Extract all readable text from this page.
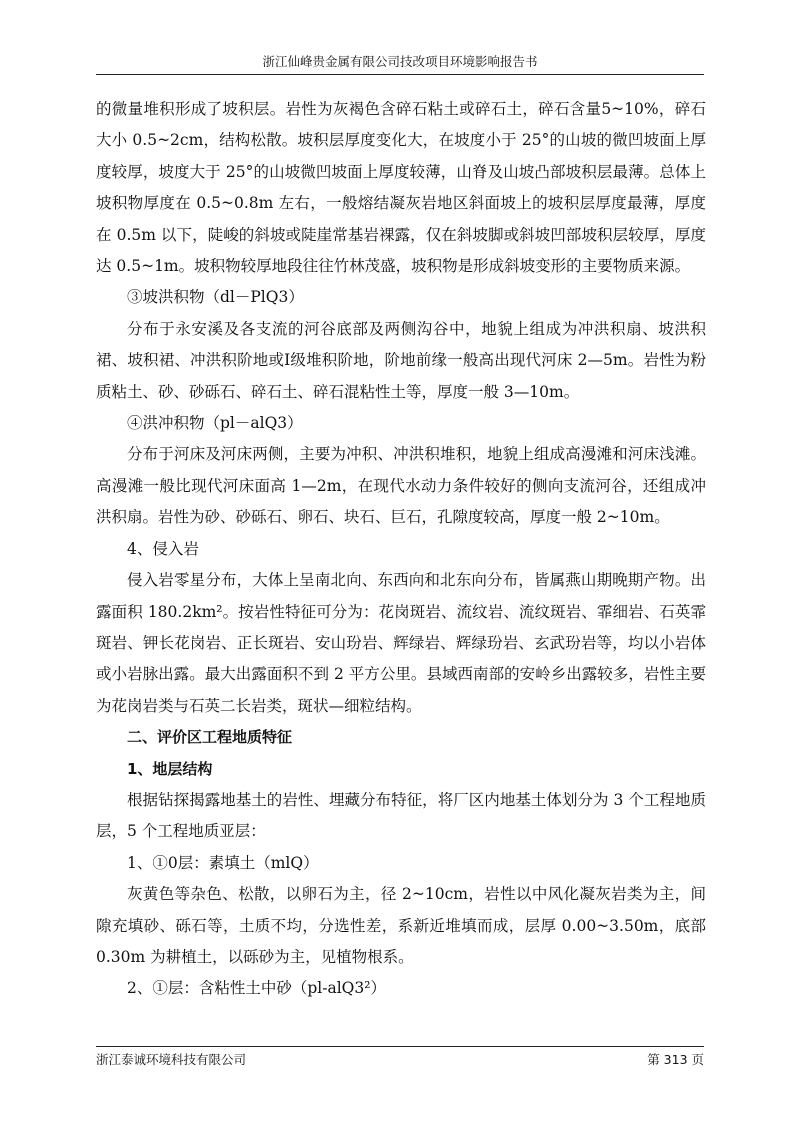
浙江仙峰贵金属有限公司技改项目环境影响报告书

的微量堆积形成了坡积层。岩性为灰褐色含碎石粘土或碎石土，碎石含量5~10%，碎石大小 0.5~2cm，结构松散。坡积层厚度变化大，在坡度小于 25°的山坡的微凹坡面上厚度较厚，坡度大于 25°的山坡微凹坡面上厚度较薄，山脊及山坡凸部坡积层最薄。总体上坡积物厚度在 0.5~0.8m 左右，一般熔结凝灰岩地区斜面坡上的坡积层厚度最薄，厚度在 0.5m 以下，陡峻的斜坡或陡崖常基岩裸露，仅在斜坡脚或斜坡凹部坡积层较厚，厚度达 0.5~1m。坡积物较厚地段往往竹林茂盛，坡积物是形成斜坡变形的主要物质来源。

③坡洪积物（dl－PlQ3）

分布于永安溪及各支流的河谷底部及两侧沟谷中，地貌上组成为冲洪积扇、坡洪积裙、坡积裙、冲洪积阶地或Ⅰ级堆积阶地，阶地前缘一般高出现代河床 2—5m。岩性为粉质粘土、砂、砂砾石、碎石土、碎石混粘性土等，厚度一般 3—10m。

④洪冲积物（pl－alQ3）

分布于河床及河床两侧，主要为冲积、冲洪积堆积，地貌上组成高漫滩和河床浅滩。高漫滩一般比现代河床面高 1—2m，在现代水动力条件较好的侧向支流河谷，还组成冲洪积扇。岩性为砂、砂砾石、卵石、块石、巨石，孔隙度较高，厚度一般 2~10m。

4、侵入岩

侵入岩零星分布，大体上呈南北向、东西向和北东向分布，皆属燕山期晚期产物。出露面积 180.2km²。按岩性特征可分为：花岗斑岩、流纹岩、流纹斑岩、霏细岩、石英霏斑岩、钾长花岗岩、正长斑岩、安山玢岩、辉绿岩、辉绿玢岩、玄武玢岩等，均以小岩体或小岩脉出露。最大出露面积不到 2 平方公里。县域西南部的安岭乡出露较多，岩性主要为花岗岩类与石英二长岩类，斑状—细粒结构。

二、评价区工程地质特征

1、地层结构

根据钻探揭露地基土的岩性、埋藏分布特征，将厂区内地基土体划分为 3 个工程地质层，5 个工程地质亚层：

1、①0层：素填土（mlQ）

灰黄色等杂色、松散，以卵石为主，径 2~10cm，岩性以中风化凝灰岩类为主，间隙充填砂、砾石等，土质不均，分选性差，系新近堆填而成，层厚 0.00~3.50m，底部0.30m 为耕植土，以砾砂为主，见植物根系。

2、①层：含粘性土中砂（pl-alQ3²）

浙江泰诚环境科技有限公司	第 313 页
